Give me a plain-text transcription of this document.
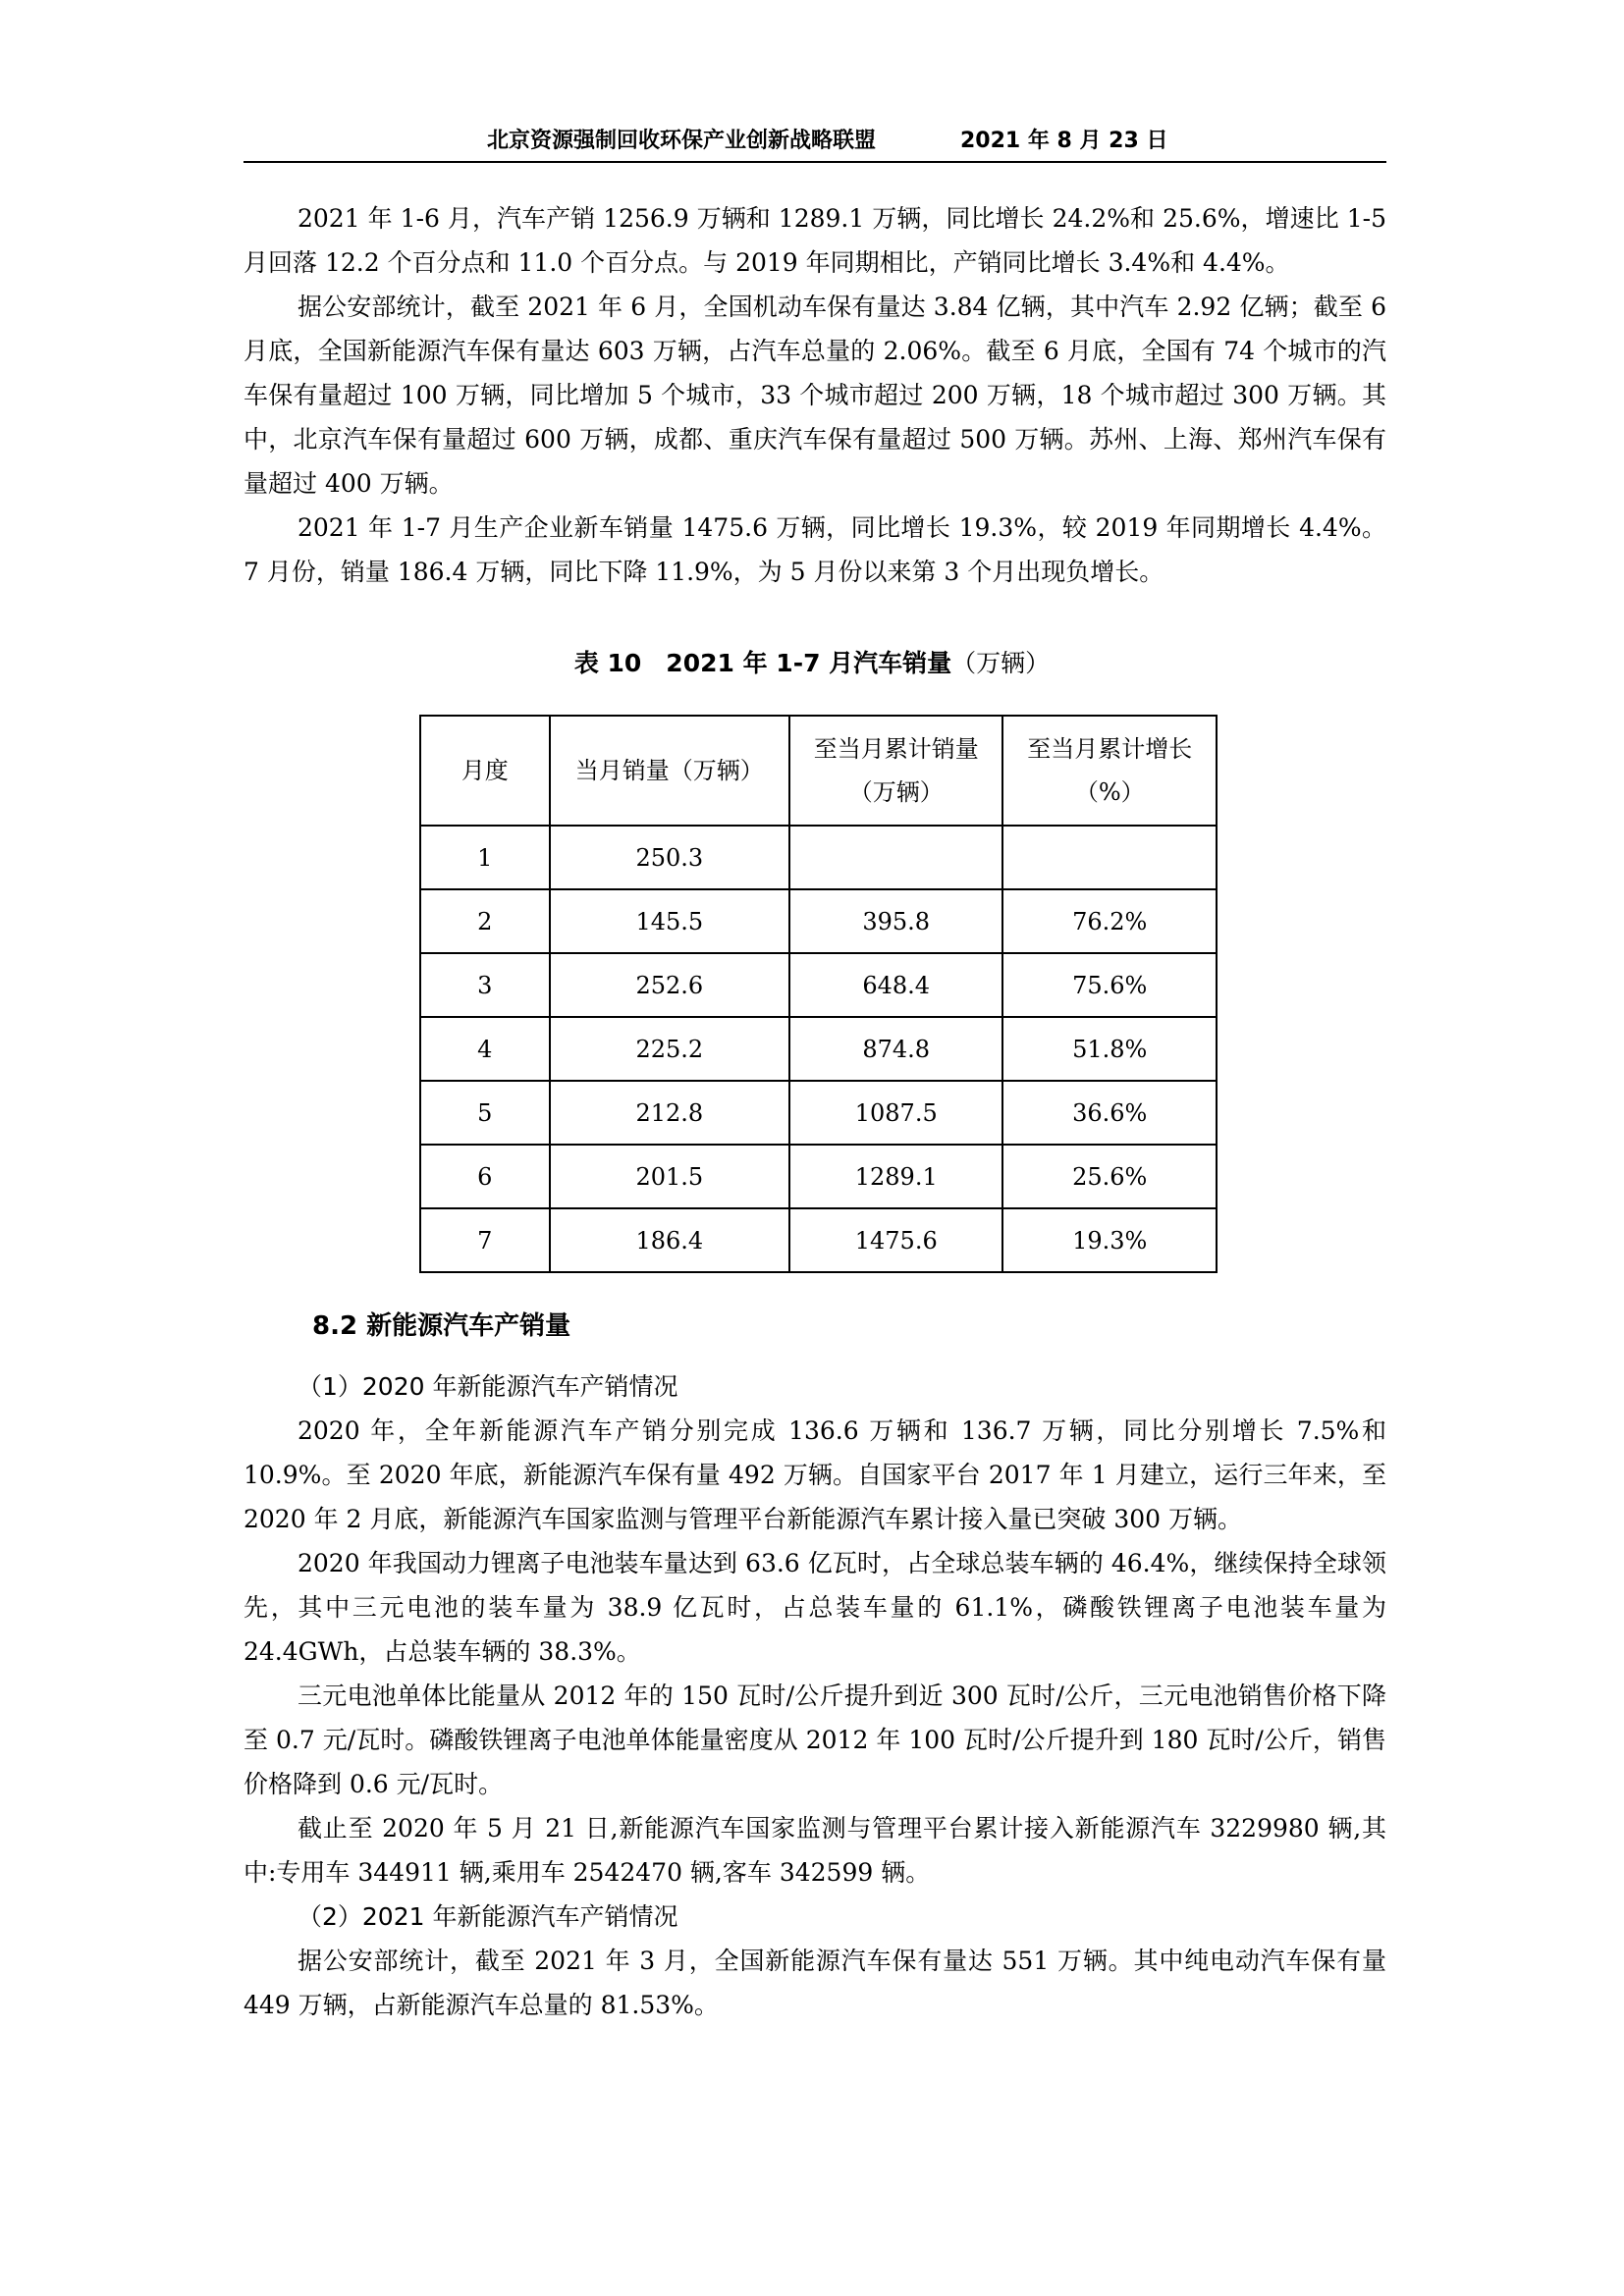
北京资源强制回收环保产业创新战略联盟	2021 年 8 月 23 日

2021 年 1-6 月，汽车产销 1256.9 万辆和 1289.1 万辆，同比增长 24.2%和 25.6%，增速比 1-5 月回落 12.2 个百分点和 11.0 个百分点。与 2019 年同期相比，产销同比增长 3.4%和 4.4%。

据公安部统计，截至 2021 年 6 月，全国机动车保有量达 3.84 亿辆，其中汽车 2.92 亿辆；截至 6 月底，全国新能源汽车保有量达 603 万辆，占汽车总量的 2.06%。截至 6 月底，全国有 74 个城市的汽车保有量超过 100 万辆，同比增加 5 个城市，33 个城市超过 200 万辆，18 个城市超过 300 万辆。其中，北京汽车保有量超过 600 万辆，成都、重庆汽车保有量超过 500 万辆。苏州、上海、郑州汽车保有量超过 400 万辆。

2021 年 1-7 月生产企业新车销量 1475.6 万辆，同比增长 19.3%，较 2019 年同期增长 4.4%。7 月份，销量 186.4 万辆，同比下降 11.9%，为 5 月份以来第 3 个月出现负增长。

表 10　2021 年 1-7 月汽车销量（万辆）
月度	当月销量（万辆）	至当月累计销量（万辆）	至当月累计增长（%）
1	250.3		
2	145.5	395.8	76.2%
3	252.6	648.4	75.6%
4	225.2	874.8	51.8%
5	212.8	1087.5	36.6%
6	201.5	1289.1	25.6%
7	186.4	1475.6	19.3%
8.2 新能源汽车产销量

（1）2020 年新能源汽车产销情况

2020 年，全年新能源汽车产销分别完成 136.6 万辆和 136.7 万辆，同比分别增长 7.5%和 10.9%。至 2020 年底，新能源汽车保有量 492 万辆。自国家平台 2017 年 1 月建立，运行三年来，至 2020 年 2 月底，新能源汽车国家监测与管理平台新能源汽车累计接入量已突破 300 万辆。

2020 年我国动力锂离子电池装车量达到 63.6 亿瓦时，占全球总装车辆的 46.4%，继续保持全球领先，其中三元电池的装车量为 38.9 亿瓦时，占总装车量的 61.1%，磷酸铁锂离子电池装车量为 24.4GWh，占总装车辆的 38.3%。

三元电池单体比能量从 2012 年的 150 瓦时/公斤提升到近 300 瓦时/公斤，三元电池销售价格下降至 0.7 元/瓦时。磷酸铁锂离子电池单体能量密度从 2012 年 100 瓦时/公斤提升到 180 瓦时/公斤，销售价格降到 0.6 元/瓦时。

截止至 2020 年 5 月 21 日,新能源汽车国家监测与管理平台累计接入新能源汽车 3229980 辆,其中:专用车 344911 辆,乘用车 2542470 辆,客车 342599 辆。

（2）2021 年新能源汽车产销情况

据公安部统计，截至 2021 年 3 月，全国新能源汽车保有量达 551 万辆。其中纯电动汽车保有量 449 万辆，占新能源汽车总量的 81.53%。
